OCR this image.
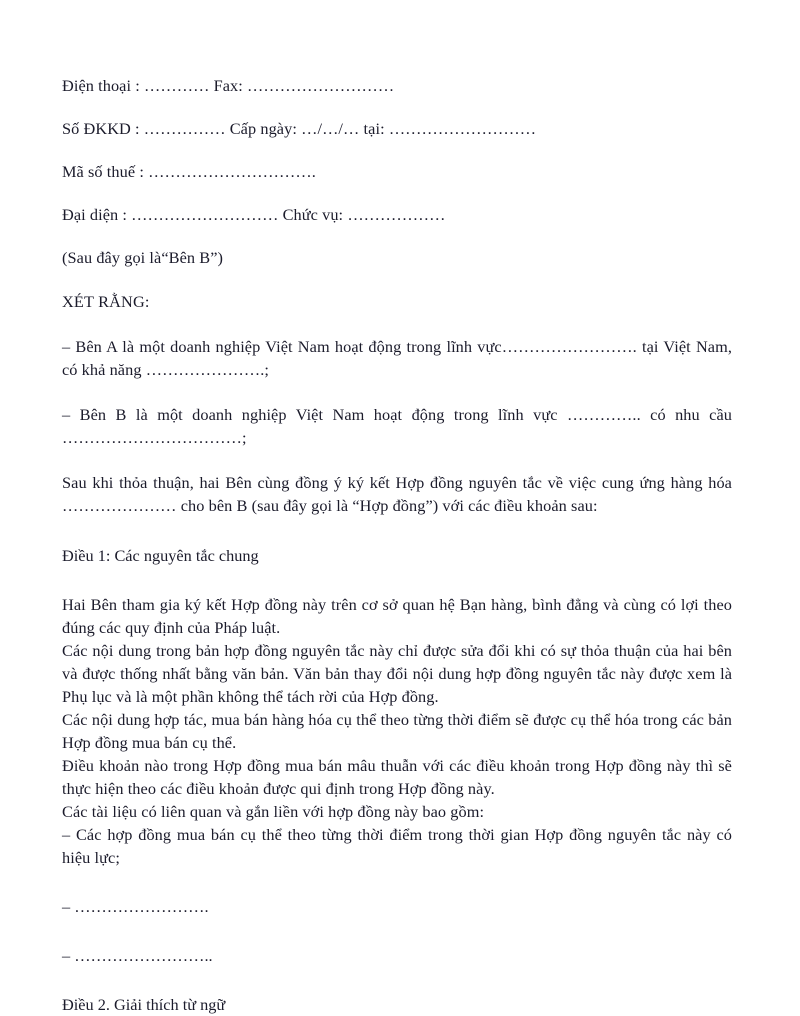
Điện thoại : ………… Fax: ………………………
Số ĐKKD : …………… Cấp ngày: …/…/… tại: ………………………
Mã số thuế : ………………………….
Đại diện : ……………………… Chức vụ: ………………
(Sau đây gọi là“Bên B”)
XÉT RẰNG:
– Bên A là một doanh nghiệp Việt Nam hoạt động trong lĩnh vực……………………. tại Việt Nam, có khả năng ………………….;
– Bên B là một doanh nghiệp Việt Nam hoạt động trong lĩnh vực ………….. có nhu cầu ……………………………;
Sau khi thỏa thuận, hai Bên cùng đồng ý ký kết Hợp đồng nguyên tắc về việc cung ứng hàng hóa ………………… cho bên B (sau đây gọi là “Hợp đồng”) với các điều khoản sau:
Điều 1: Các nguyên tắc chung
Hai Bên tham gia ký kết Hợp đồng này trên cơ sở quan hệ Bạn hàng, bình đẳng và cùng có lợi theo đúng các quy định của Pháp luật.
Các nội dung trong bản hợp đồng nguyên tắc này chỉ được sửa đổi khi có sự thỏa thuận của hai bên và được thống nhất bằng văn bản. Văn bản thay đổi nội dung hợp đồng nguyên tắc này được xem là Phụ lục và là một phần không thể tách rời của Hợp đồng.
Các nội dung hợp tác, mua bán hàng hóa cụ thể theo từng thời điểm sẽ được cụ thể hóa trong các bản Hợp đồng mua bán cụ thể.
Điều khoản nào trong Hợp đồng mua bán mâu thuẫn với các điều khoản trong Hợp đồng này thì sẽ thực hiện theo các điều khoản được qui định trong Hợp đồng này.
Các tài liệu có liên quan và gắn liền với hợp đồng này bao gồm:
– Các hợp đồng mua bán cụ thể theo từng thời điểm trong thời gian Hợp đồng nguyên tắc này có hiệu lực;
– …………………….
– ……………………..
Điều 2. Giải thích từ ngữ
